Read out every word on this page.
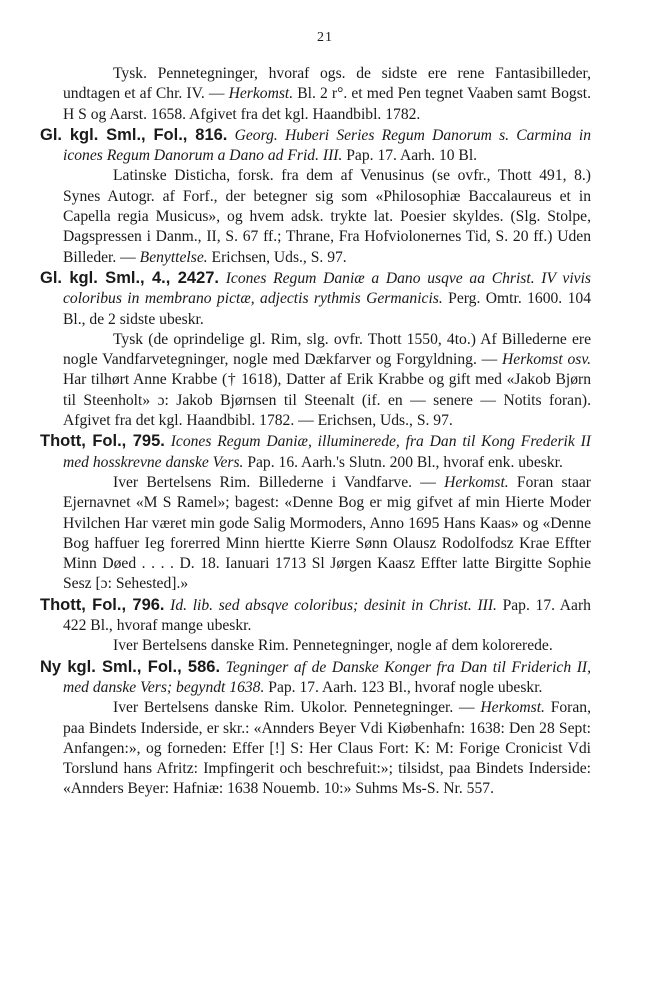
21

Tysk. Pennetegninger, hvoraf ogs. de sidste ere rene Fantasibilleder, undtagen et af Chr. IV. — Herkomst. Bl. 2 r°. et med Pen tegnet Vaaben samt Bogst. H S og Aarst. 1658. Afgivet fra det kgl. Haandbibl. 1782.

Gl. kgl. Sml., Fol., 816. Georg. Huberi Series Regum Danorum s. Carmina in icones Regum Danorum a Dano ad Frid. III. Pap. 17. Aarh. 10 Bl.

Latinske Disticha, forsk. fra dem af Venusinus (se ovfr., Thott 491, 8.) Synes Autogr. af Forf., der betegner sig som «Philosophiæ Baccalaureus et in Capella regia Musicus», og hvem adsk. trykte lat. Poesier skyldes. (Slg. Stolpe, Dagspressen i Danm., II, S. 67 ff.; Thrane, Fra Hofviolonernes Tid, S. 20 ff.) Uden Billeder. — Benyttelse. Erichsen, Uds., S. 97.

Gl. kgl. Sml., 4., 2427. Icones Regum Daniæ a Dano usqve aa Christ. IV vivis coloribus in membrano pictæ, adjectis rythmis Germanicis. Perg. Omtr. 1600. 104 Bl., de 2 sidste ubeskr.

Tysk (de oprindelige gl. Rim, slg. ovfr. Thott 1550, 4to.) Af Billederne ere nogle Vandfarvetegninger, nogle med Dækfarver og Forgyldning. — Herkomst osv. Har tilhørt Anne Krabbe († 1618), Datter af Erik Krabbe og gift med «Jakob Bjørn til Steenholt» ɔ: Jakob Bjørnsen til Steenalt (if. en — senere — Notits foran). Afgivet fra det kgl. Haandbibl. 1782. — Erichsen, Uds., S. 97.

Thott, Fol., 795. Icones Regum Daniæ, illuminerede, fra Dan til Kong Frederik II med hosskrevne danske Vers. Pap. 16. Aarh.'s Slutn. 200 Bl., hvoraf enk. ubeskr.

Iver Bertelsens Rim. Billederne i Vandfarve. — Herkomst. Foran staar Ejernavnet «M S Ramel»; bagest: «Denne Bog er mig gifvet af min Hierte Moder Hvilchen Har været min gode Salig Mormoders, Anno 1695 Hans Kaas» og «Denne Bog haffuer Ieg forerred Minn hiertte Kierre Sønn Olausz Rodolfodsz Krae Effter Minn Døed . . . . D. 18. Ianuari 1713 Sl Jørgen Kaasz Effter latte Birgitte Sophie Sesz [ɔ: Sehested].»

Thott, Fol., 796. Id. lib. sed absqve coloribus; desinit in Christ. III. Pap. 17. Aarh 422 Bl., hvoraf mange ubeskr.

Iver Bertelsens danske Rim. Pennetegninger, nogle af dem kolorerede.

Ny kgl. Sml., Fol., 586. Tegninger af de Danske Konger fra Dan til Friderich II, med danske Vers; begyndt 1638. Pap. 17. Aarh. 123 Bl., hvoraf nogle ubeskr.

Iver Bertelsens danske Rim. Ukolor. Pennetegninger. — Herkomst. Foran, paa Bindets Inderside, er skr.: «Annders Beyer Vdi Kiøbenhafn: 1638: Den 28 Sept: Anfangen:», og forneden: Effer [!] S: Her Claus Fort: K: M: Forige Cronicist Vdi Torslund hans Afritz: Impfingerit och beschrefuit:»; tilsidst, paa Bindets Inderside: «Annders Beyer: Hafniæ: 1638 Nouemb. 10:» Suhms Ms-S. Nr. 557.
